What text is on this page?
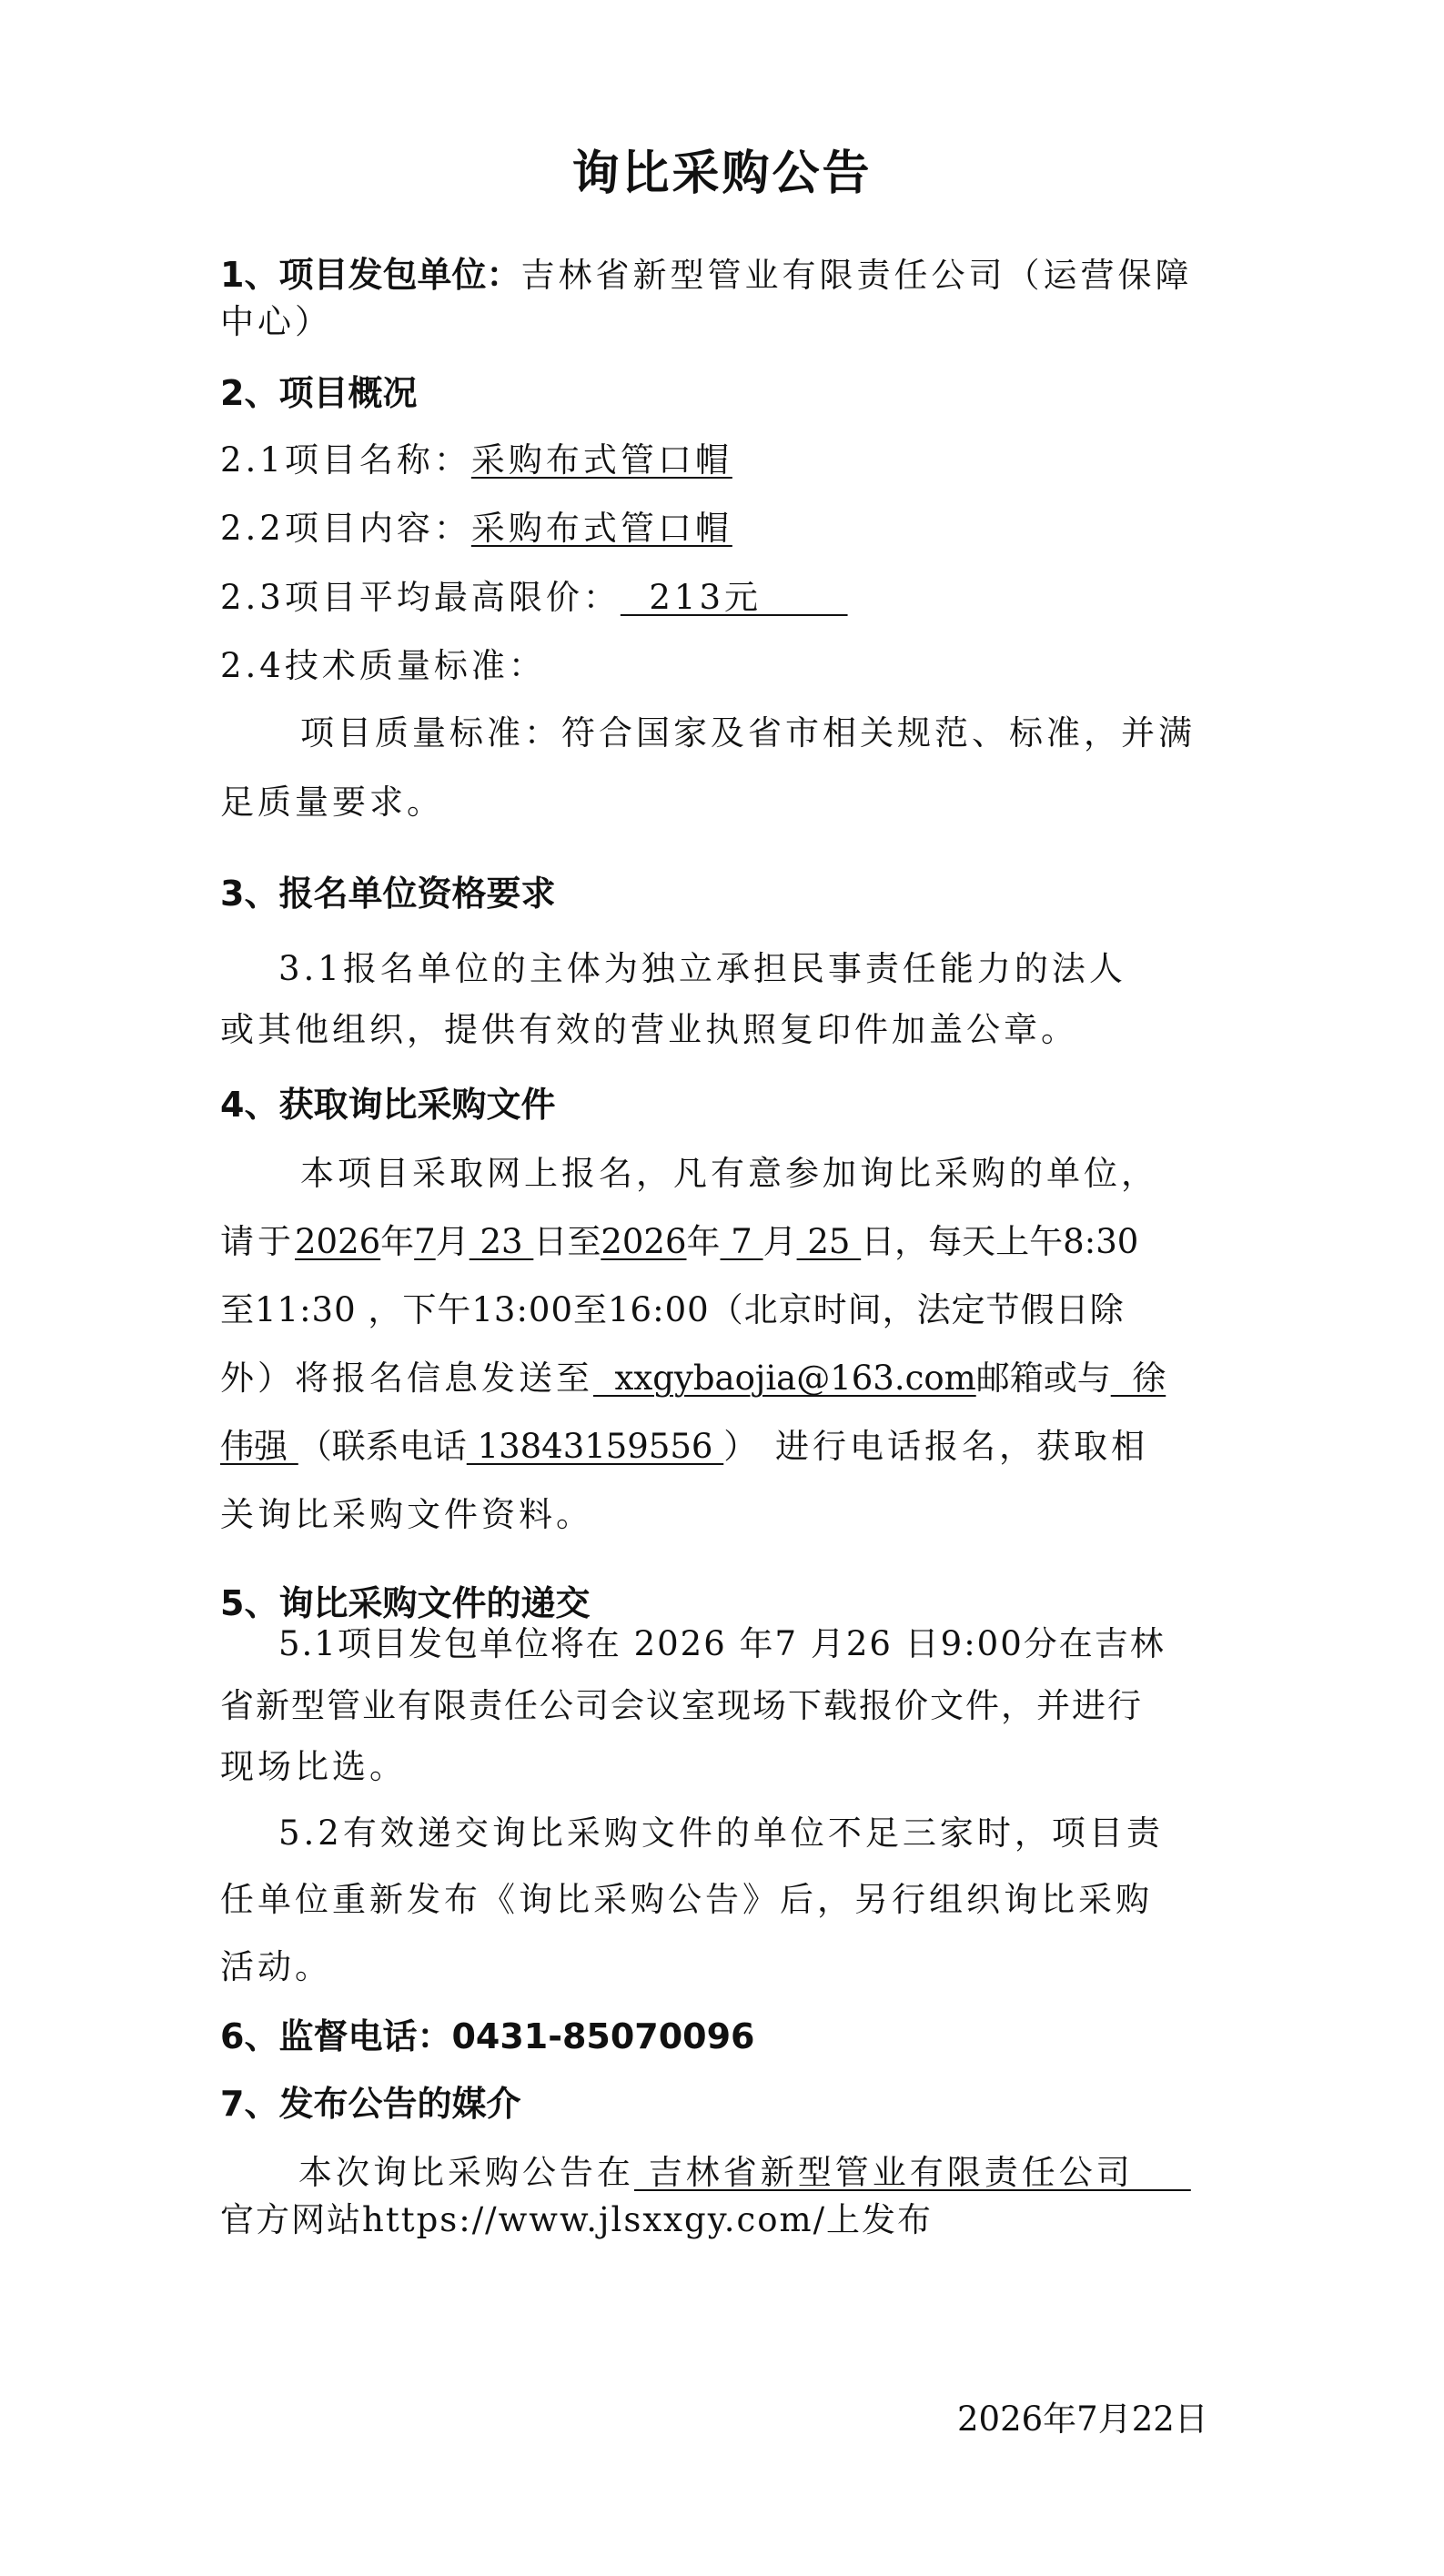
询比采购公告
1、项目发包单位：吉林省新型管业有限责任公司（运营保障
中心）
2、项目概况
2.1项目名称：采购布式管口帽
2.2项目内容：采购布式管口帽
2.3项目平均最高限价：  213元
2.4技术质量标准：
项目质量标准：符合国家及省市相关规范、标准，并满
足质量要求。
3、报名单位资格要求
3.1报名单位的主体为独立承担民事责任能力的法人
或其他组织，提供有效的营业执照复印件加盖公章。
4、获取询比采购文件
本项目采取网上报名，凡有意参加询比采购的单位，
请于2026年7月 23 日至2026年 7 月 25 日，每天上午8:30
至11:30 ，下午13:00至16:00（北京时间，法定节假日除
外）将报名信息发送至  xxgybaojia@163.com邮箱或与  徐
伟强 （联系电话 13843159556 ） 进行电话报名，获取相
关询比采购文件资料。
5、询比采购文件的递交
5.1项目发包单位将在 2026 年7 月26 日9:00分在吉林
省新型管业有限责任公司会议室现场下载报价文件，并进行
现场比选。
5.2有效递交询比采购文件的单位不足三家时，项目责
任单位重新发布《询比采购公告》后，另行组织询比采购
活动。
6、监督电话：0431-85070096
7、发布公告的媒介
本次询比采购公告在 吉林省新型管业有限责任公司
官方网站https://www.jlsxxgy.com/上发布
2026年7月22日
